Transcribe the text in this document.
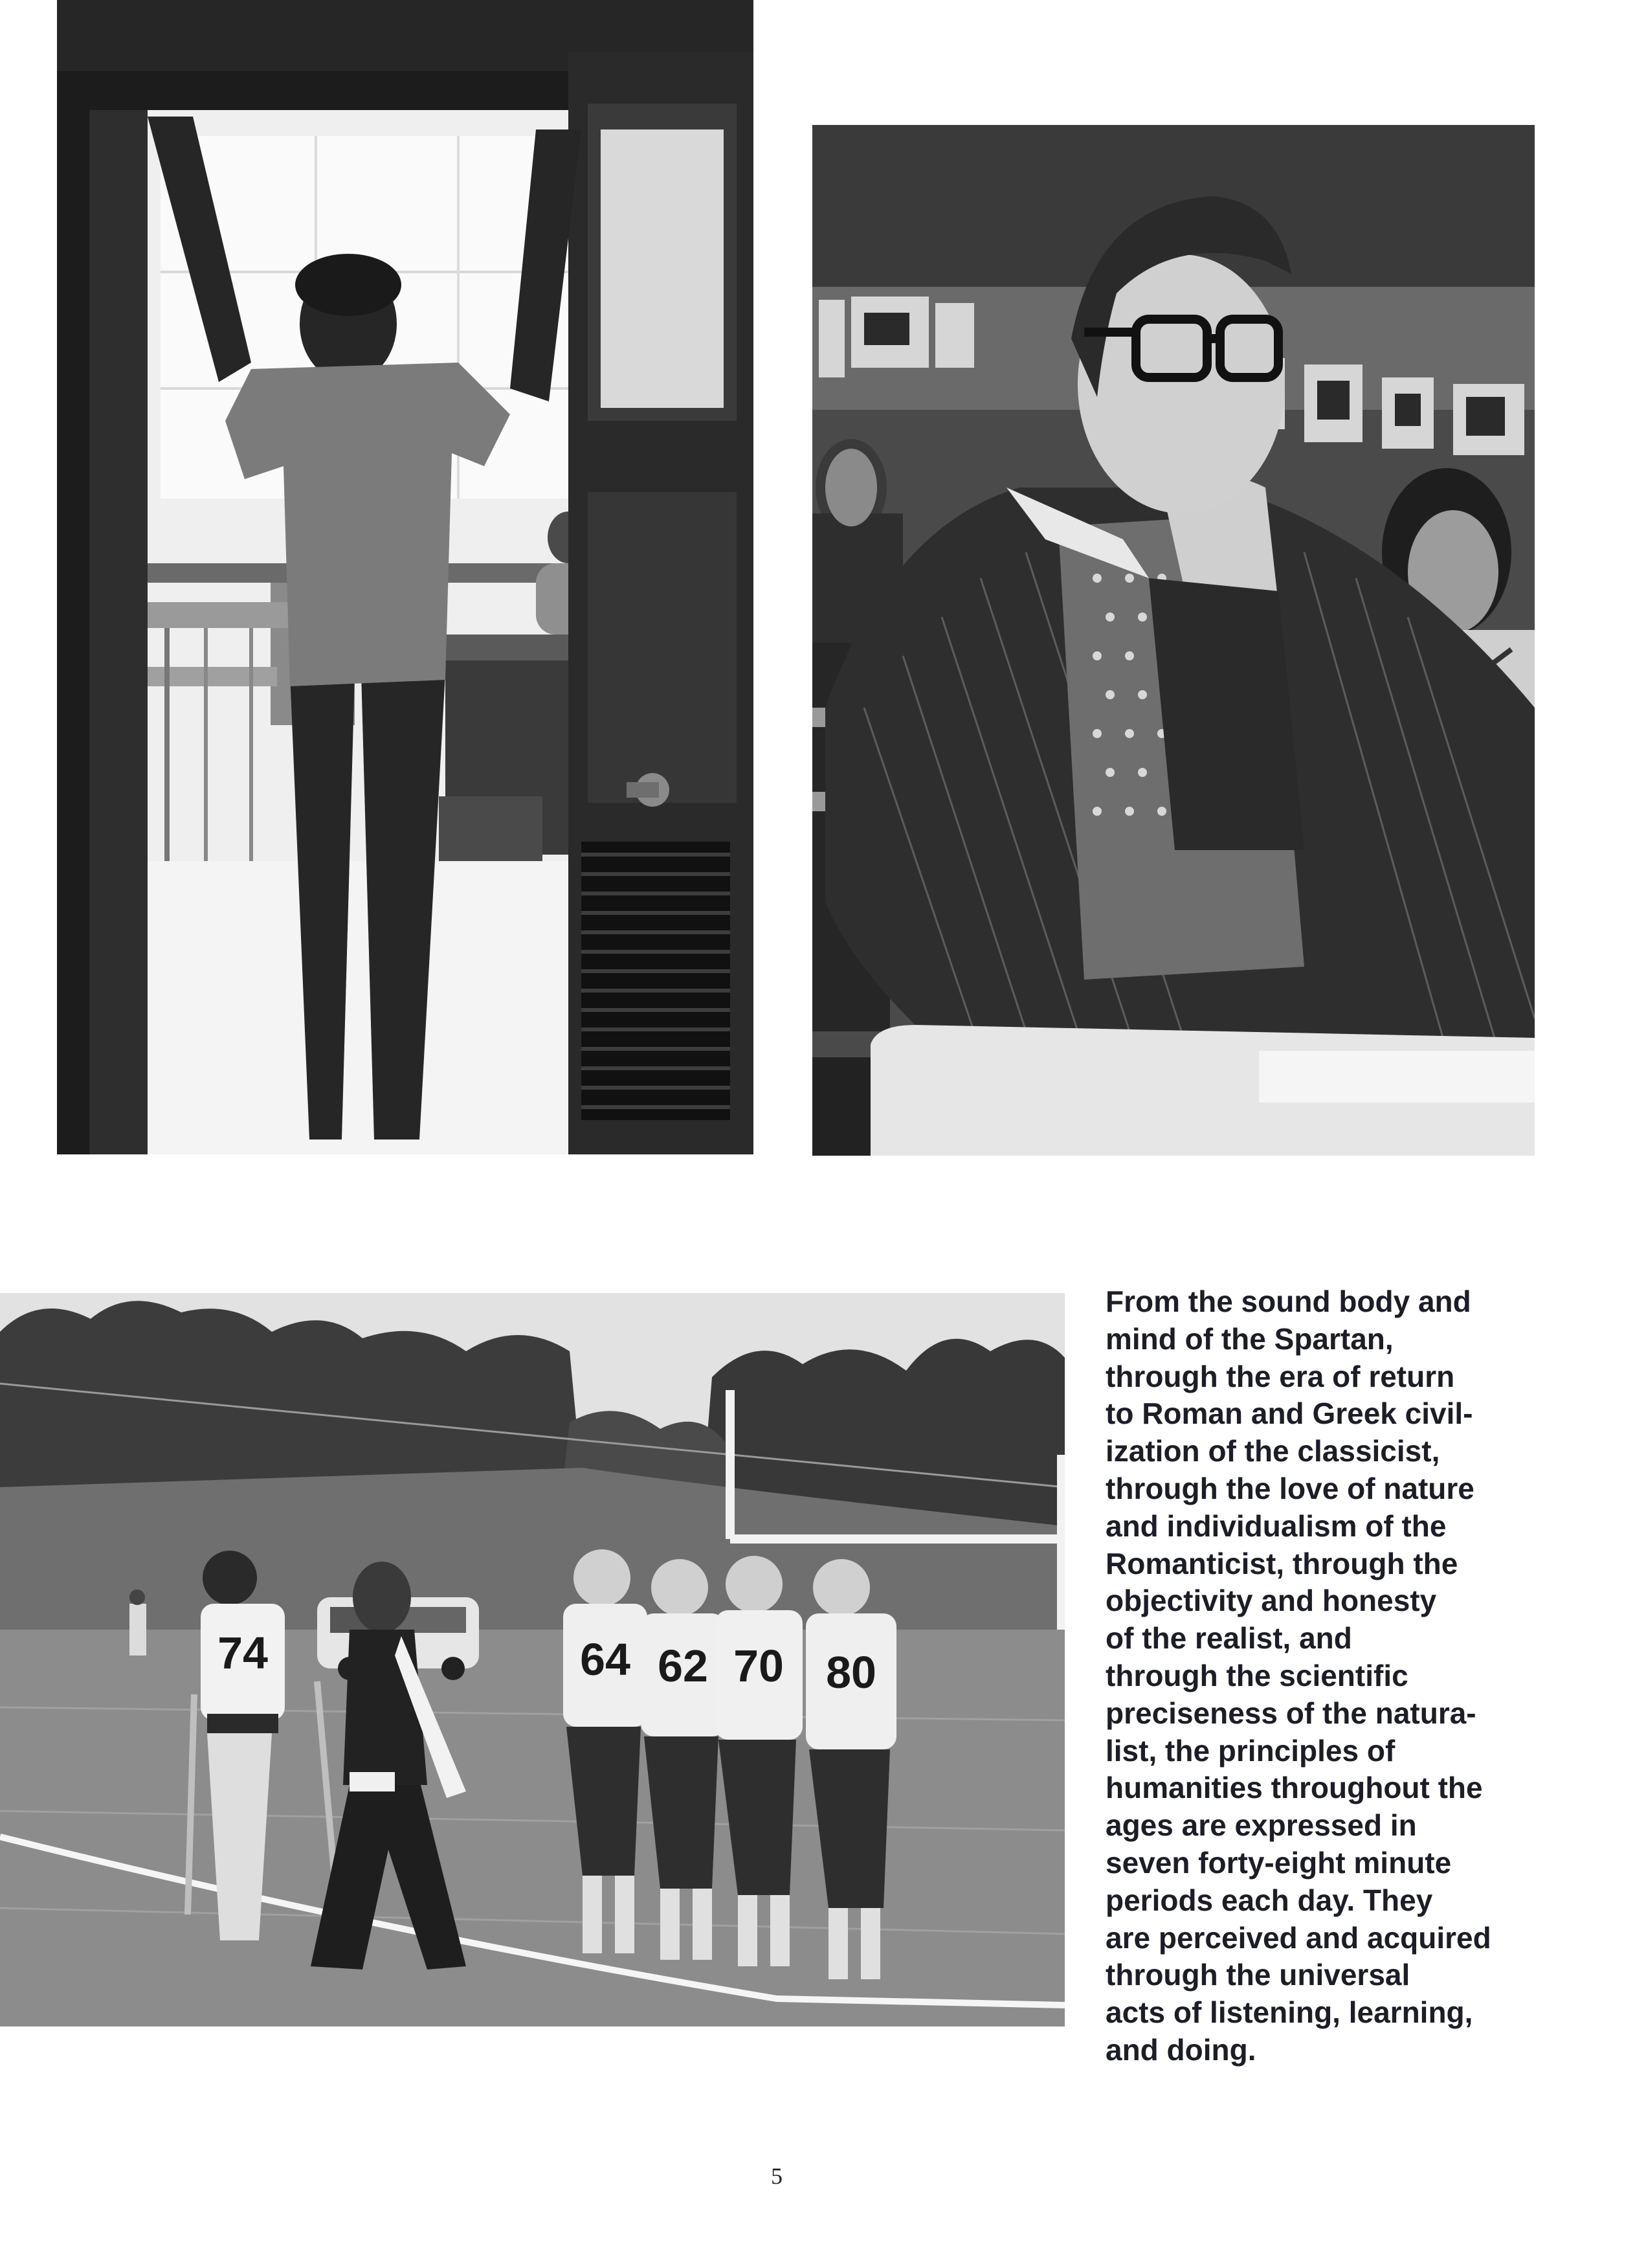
74	64 62 70 80
From the sound body and
mind of the Spartan,
through the era of return
to Roman and Greek civil-
ization of the classicist,
through the love of nature
and individualism of the
Romanticist, through the
objectivity and honesty
of the realist, and
through the scientific
preciseness of the natura-
list, the principles of
humanities throughout the
ages are expressed in
seven forty-eight minute
periods each day. They
are perceived and acquired
through the universal
acts of listening, learning,
and doing.
5
